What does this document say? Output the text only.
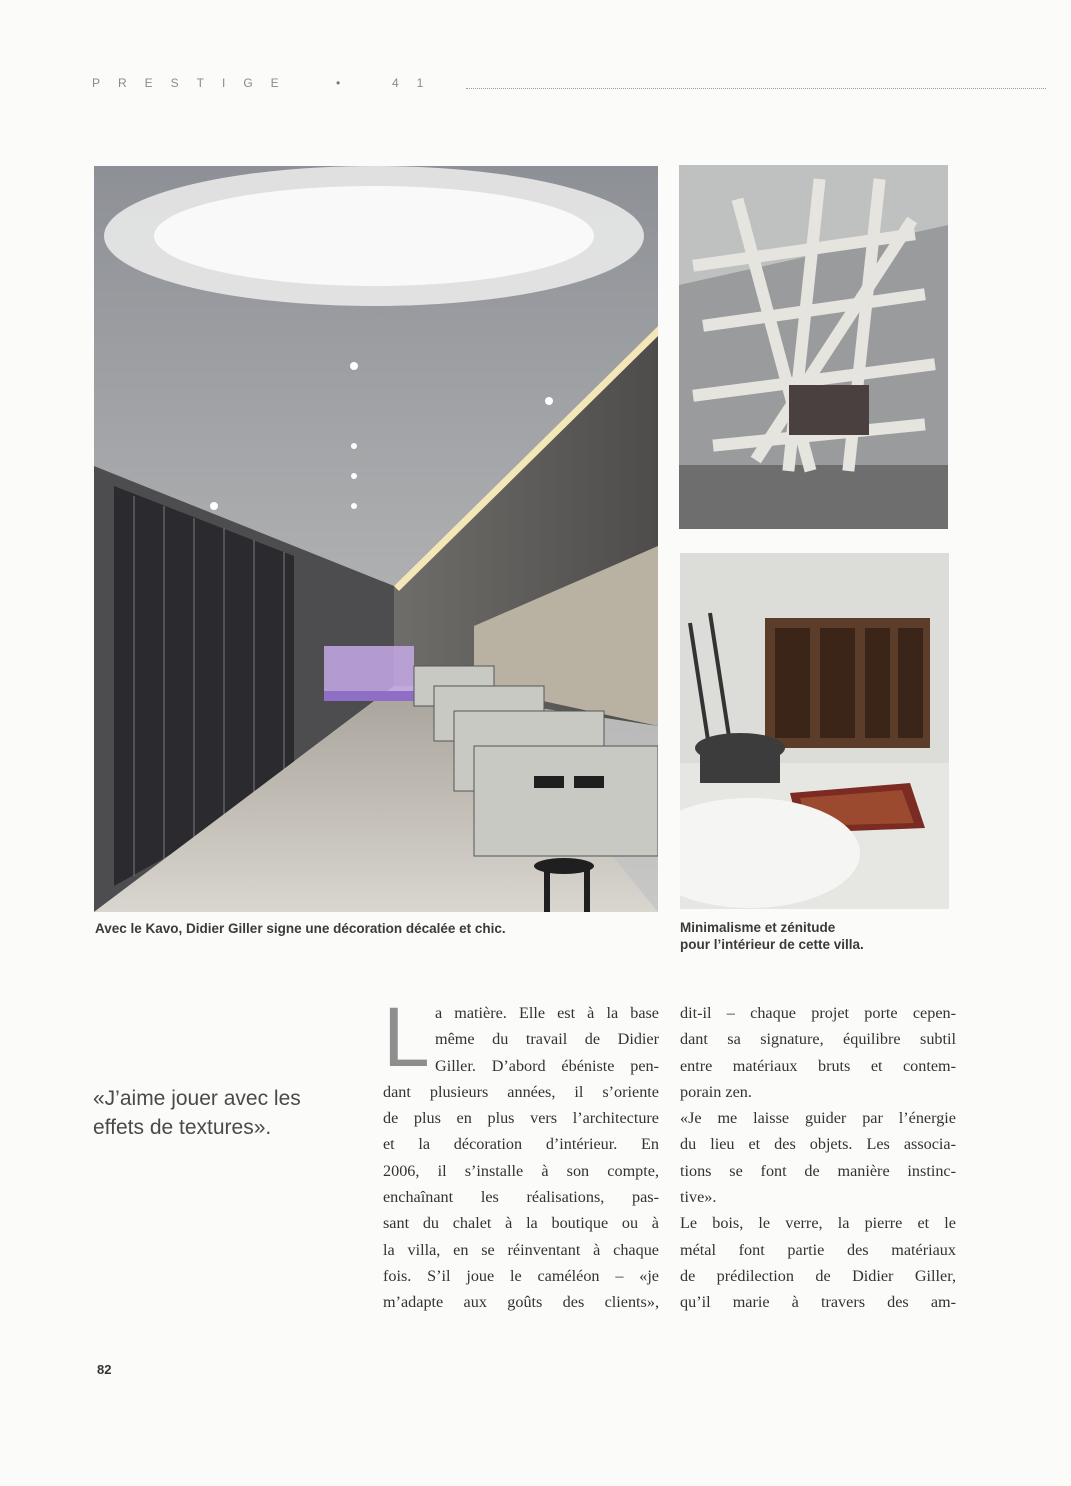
PRESTIGE	•	41
Avec le Kavo, Didier Giller signe une décoration décalée et chic.	Minimalisme et zénitude
pour l’intérieur de cette villa.
«J’aime jouer avec les effets de textures».
L a matière. Elle est à la base
même du travail de Didier
Giller. D’abord ébéniste pen-
dant plusieurs années, il s’oriente
de plus en plus vers l’architecture
et la décoration d’intérieur. En
2006, il s’installe à son compte,
enchaînant les réalisations, pas-
sant du chalet à la boutique ou à
la villa, en se réinventant à chaque
fois. S’il joue le caméléon – «je
m’adapte aux goûts des clients»,
dit-il – chaque projet porte cepen-
dant sa signature, équilibre subtil
entre matériaux bruts et contem-
porain zen.
«Je me laisse guider par l’énergie
du lieu et des objets. Les associa-
tions se font de manière instinc-
tive».
Le bois, le verre, la pierre et le
métal font partie des matériaux
de prédilection de Didier Giller,
qu’il marie à travers des am-
82
